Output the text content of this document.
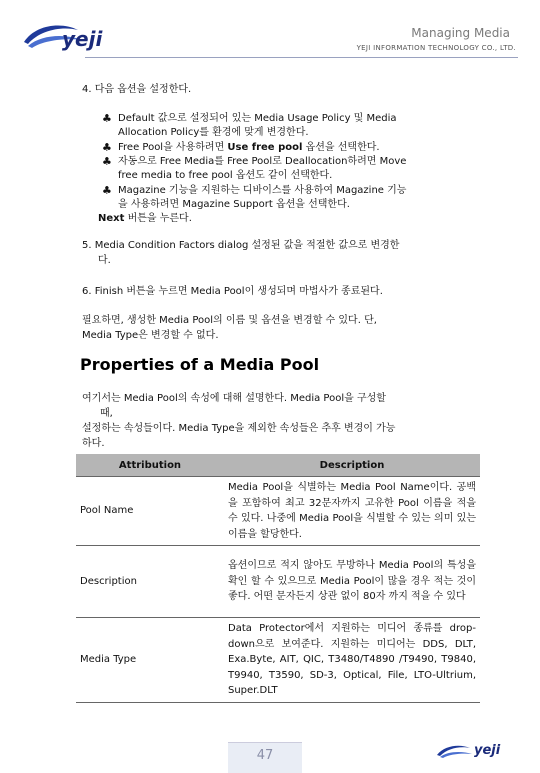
yeji	Managing Media
YEJI INFORMATION TECHNOLOGY CO., LTD.
4. 다음 옵션을 설정한다.
♣ Default 값으로 설정되어 있는 Media Usage Policy 및 Media
Allocation Policy를 환경에 맞게 변경한다.
♣ Free Pool을 사용하려면 Use free pool 옵션을 선택한다.
♣ 자동으로 Free Media를 Free Pool로 Deallocation하려면 Move
free media to free pool 옵션도 같이 선택한다.
♣ Magazine 기능을 지원하는 디바이스를 사용하여 Magazine 기능
을 사용하려면 Magazine Support 옵션을 선택한다.
Next 버튼을 누른다.
5. Media Condition Factors dialog 설정된 값을 적절한 값으로 변경한
다.
6. Finish 버튼을 누르면 Media Pool이 생성되며 마법사가 종료된다.
필요하면, 생성한 Media Pool의 이름 및 옵션을 변경할 수 있다. 단,
Media Type은 변경할 수 없다.
Properties of a Media Pool
여기서는 Media Pool의 속성에 대해 설명한다. Media Pool을 구성할
때,
설정하는 속성들이다. Media Type을 제외한 속성들은 추후 변경이 가능
하다.
Attribution	Description
Pool Name	Media Pool을 식별하는 Media Pool Name이다. 공백을 포함하여 최고 32문자까지 고유한 Pool 이름을 적을 수 있다. 나중에 Media Pool을 식별할 수 있는 의미 있는 이름을 할당한다.
Description	옵션이므로 적지 않아도 무방하나 Media Pool의 특성을 확인 할 수 있으므로 Media Pool이 많을 경우 적는 것이 좋다. 어떤 문자든지 상관 없이 80자 까지 적을 수 있다
Media Type	Data Protector에서 지원하는 미디어 종류를 drop-down으로 보여준다. 지원하는 미디어는 DDS, DLT, Exa.Byte, AIT, QIC, T3480/T4890 /T9490, T9840, T9940, T3590, SD-3, Optical, File, LTO-Ultrium, Super.DLT
47	yeji
